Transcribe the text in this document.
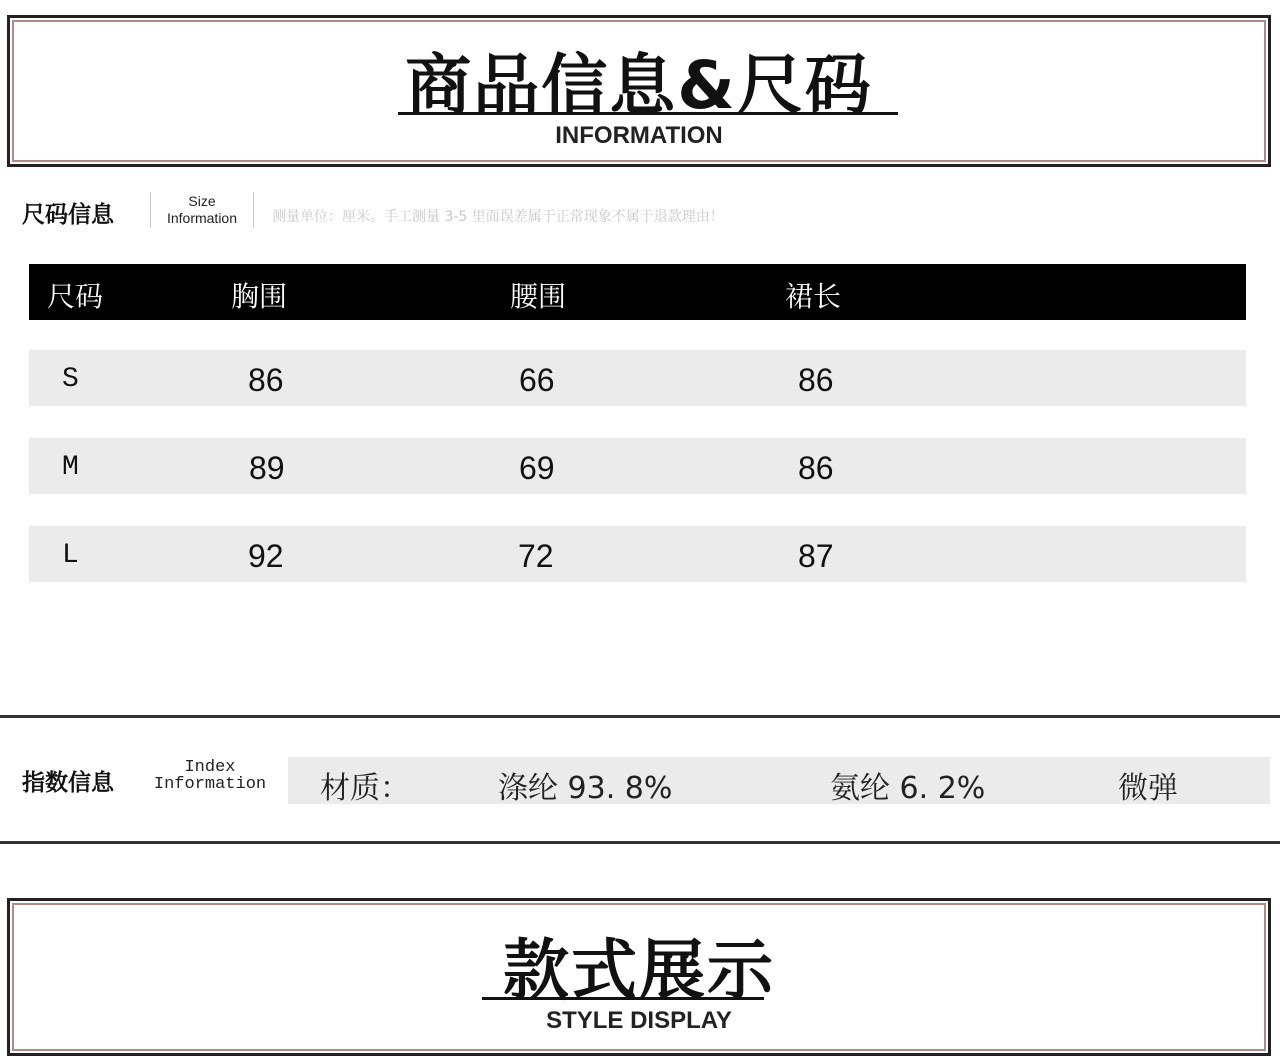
商品信息&尺码
INFORMATION
尺码信息
Size
Information	测量单位：厘米。手工测量 3-5 里面误差属于正常现象不属于退款理由！
尺码	胸围	腰围	裙长
S	86	66	86
M	89	69	86
L	92	72	87
指数信息
Index
Information 材质：	涤纶 93. 8%	氨纶 6. 2%	微弹
款式展示
STYLE DISPLAY
